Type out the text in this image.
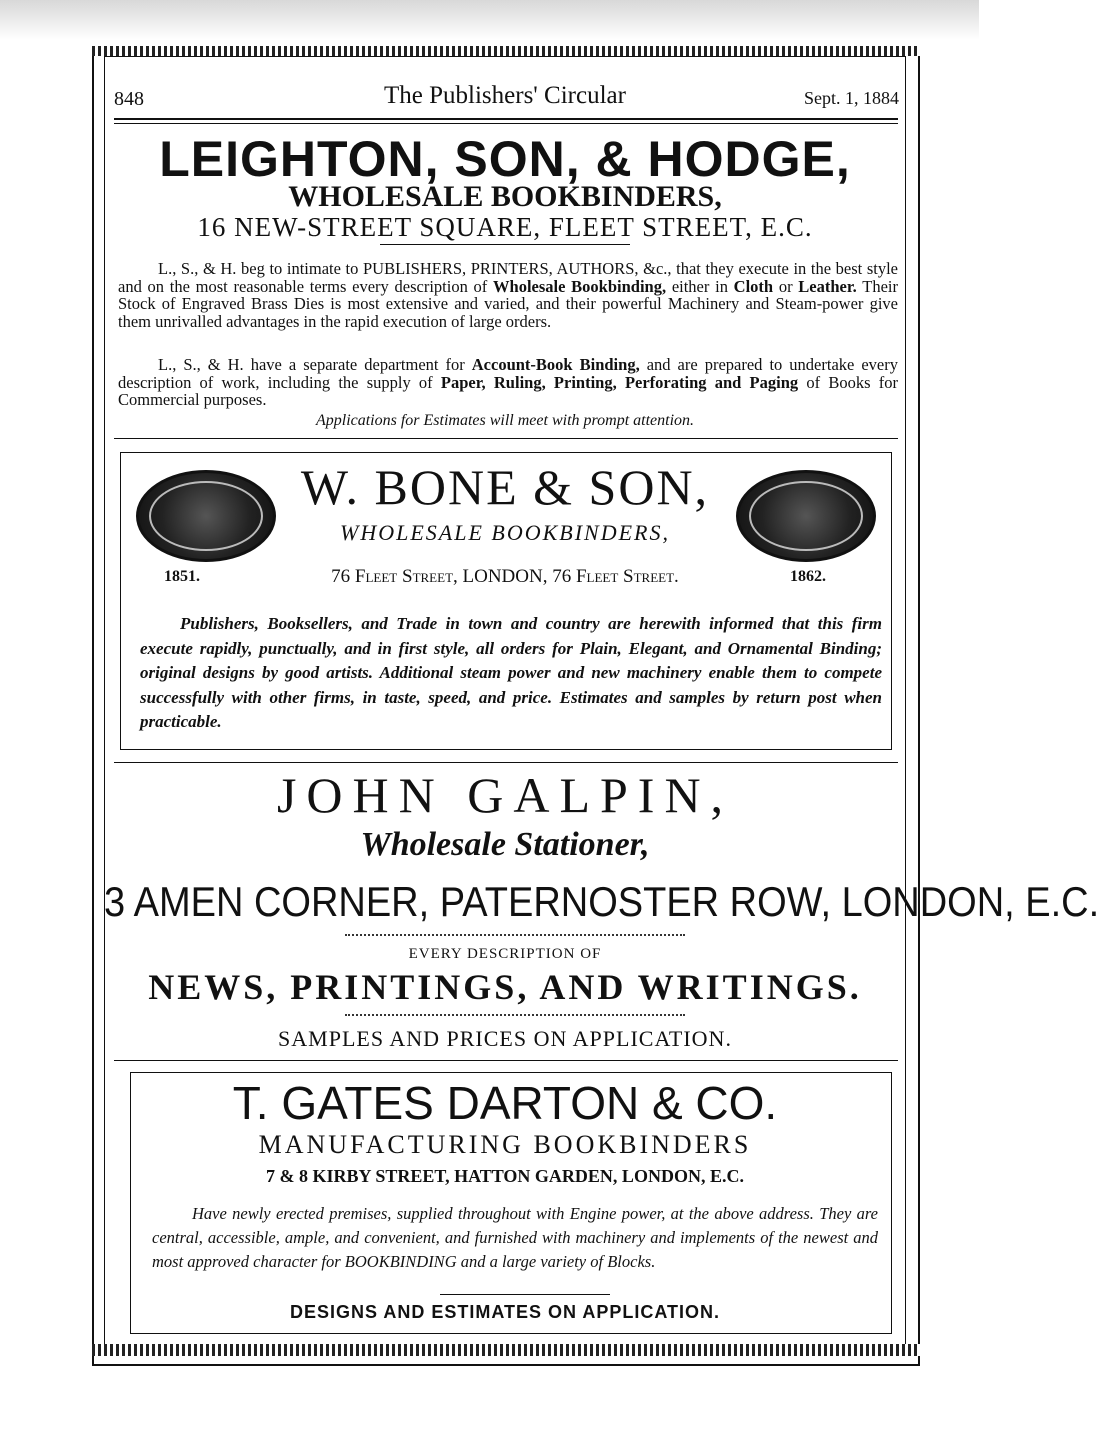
848	The Publishers' Circular	Sept. 1, 1884
LEIGHTON, SON, & HODGE,
WHOLESALE BOOKBINDERS,
16 NEW-STREET SQUARE, FLEET STREET, E.C.
L., S., & H. beg to intimate to PUBLISHERS, PRINTERS, AUTHORS, &c., that they execute in the best style and on the most reasonable terms every description of Wholesale Bookbinding, either in Cloth or Leather. Their Stock of Engraved Brass Dies is most extensive and varied, and their powerful Machinery and Steam-power give them unrivalled advantages in the rapid execution of large orders.
L., S., & H. have a separate department for Account-Book Binding, and are prepared to undertake every description of work, including the supply of Paper, Ruling, Printing, Perforating and Paging of Books for Commercial purposes.
Applications for Estimates will meet with prompt attention.
W. BONE & SON,
WHOLESALE BOOKBINDERS,
1851.	1862.
76 Fleet Street, LONDON, 76 Fleet Street.
Publishers, Booksellers, and Trade in town and country are herewith informed that this firm execute rapidly, punctually, and in first style, all orders for Plain, Elegant, and Ornamental Binding; original designs by good artists. Additional steam power and new machinery enable them to compete successfully with other firms, in taste, speed, and price. Estimates and samples by return post when practicable.
JOHN GALPIN,
Wholesale Stationer,
3 AMEN CORNER, PATERNOSTER ROW, LONDON, E.C.
EVERY DESCRIPTION OF
NEWS, PRINTINGS, AND WRITINGS.
SAMPLES AND PRICES ON APPLICATION.
T. GATES DARTON & CO.
MANUFACTURING BOOKBINDERS
7 & 8 KIRBY STREET, HATTON GARDEN, LONDON, E.C.
Have newly erected premises, supplied throughout with Engine power, at the above address. They are central, accessible, ample, and convenient, and furnished with machinery and implements of the newest and most approved character for BOOKBINDING and a large variety of Blocks.
DESIGNS AND ESTIMATES ON APPLICATION.
